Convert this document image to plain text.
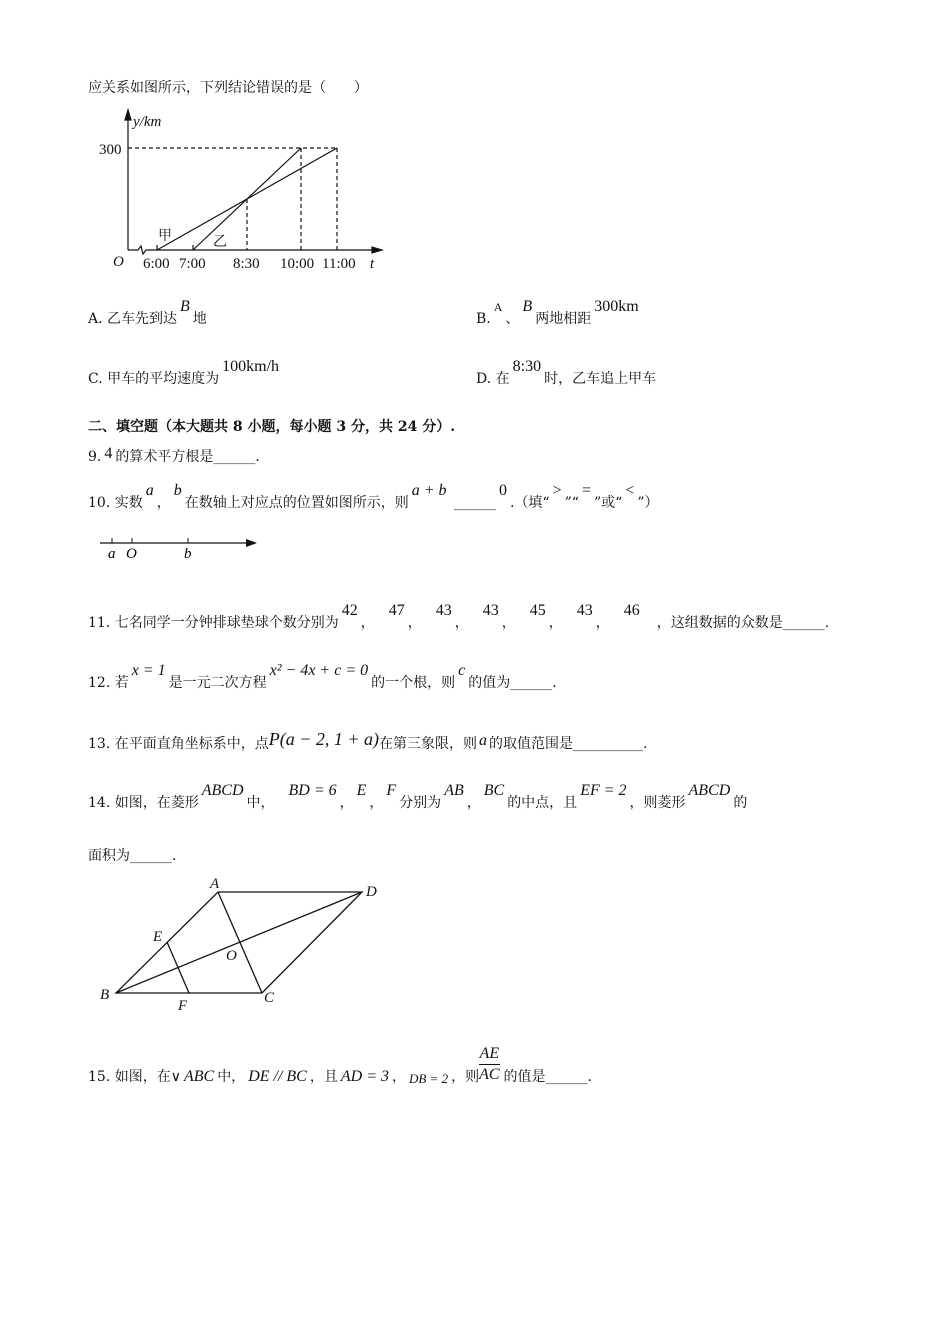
应关系如图所示，下列结论错误的是（　　）
y/km
300
O	t
甲	乙
6:00 7:00 8:30 10:00 11:00
A. 乙车先到达B地	B.A、B两地相距300km
C. 甲车的平均速度为100km/h
D. 在8:30时，乙车追上甲车
二、填空题（本大题共 8 小题，每小题 3 分，共 24 分）.
9. 4 的算术平方根是______.
10. 实数a，b在数轴上对应点的位置如图所示，则a + b ______0.（填“>”“=”或“<”）
a O	b
11. 七名同学一分钟排球垫球个数分别为42，47，43，43，45，43，46，这组数据的众数是______.
12. 若x = 1是一元二次方程x² − 4x + c = 0的一个根，则c的值为______.
13. 在平面直角坐标系中，点P(a − 2, 1 + a)在第三象限，则 a 的取值范围是__________.
14. 如图，在菱形ABCD中，BD = 6，E，F分别为AB，BC的中点，且EF = 2，则菱形ABCD的
面积为______.
A	D
B	C
E
F
O
15. 如图，在∨ ABC 中， DE // BC ，且 AD = 3 ， DB = 2 ，则 $\frac{AE}{AC}$ 的值是______.
